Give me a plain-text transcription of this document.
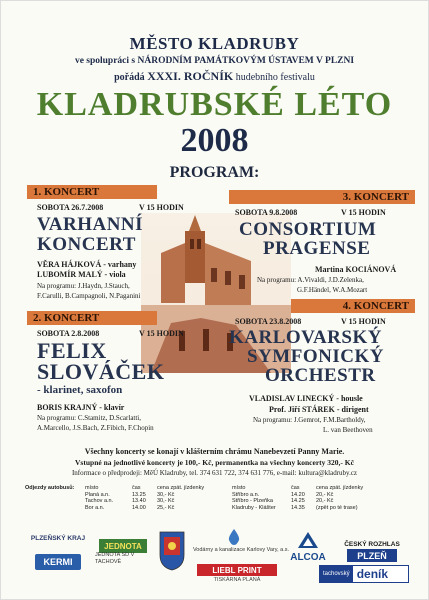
MĚSTO KLADRUBY
ve spolupráci s NÁRODNÍM PAMÁTKOVÝM ÚSTAVEM V PLZNI
pořádá XXXI. ROČNÍK hudebního festivalu
KLADRUBSKÉ LÉTO
2008
PROGRAM:
1. KONCERT
SOBOTA 26.7.2008	V 15 HODIN
VARHANNÍ
KONCERT
VĚRA HÁJKOVÁ - varhany
LUBOMÍR MALÝ - viola
Na programu: J.Haydn, J.Stauch,
F.Carulli, B.Campagnoli, N.Paganini
3. KONCERT
SOBOTA 9.8.2008	V 15 HODIN
CONSORTIUM
PRAGENSE
Martina KOCIÁNOVÁ
Na programu: A.Vivaldi, J.D.Zelenka,
G.F.Händel, W.A.Mozart
2. KONCERT
SOBOTA 2.8.2008	V 15 HODIN
FELIX
SLOVÁČEK
- klarinet, saxofon
BORIS KRAJNÝ - klavír
Na programu: C.Stamitz, D.Scarlatti,
A.Marcello, J.S.Bach, Z.Fibich, F.Chopin
4. KONCERT
SOBOTA 23.8.2008	V 15 HODIN
KARLOVARSKÝ
SYMFONICKÝ
ORCHESTR
VLADISLAV LINECKÝ - housle
Prof. Jiří STÁREK - dirigent
Na programu: J.Gemrot, F.M.Bartholdy,
L. van Beethoven
Všechny koncerty se konají v klášterním chrámu Nanebevzetí Panny Marie.
Vstupné na jednotlivé koncerty je 100,- Kč, permanentka na všechny koncerty 320,- Kč
Informace o předprodeji: MěÚ Kladruby, tel. 374 631 722, 374 631 776, e-mail: kultura@kladruby.cz
Odjezdy autobusů: místo	čas	cena zpát. jízdenky	místo	čas	cena zpát. jízdenky
Planá a.n.	13.25	30,- Kč	Stříbro a.n.	14.20	20,- Kč
Tachov a.n.	13.40	30,- Kč	Stříbro - Plzeňka	14.25	20,- Kč
Bor a.n.	14.00	25,- Kč	Kladruby - Klášter	14.35	(zpět po té trase)
PLZEŇSKÝ KRAJ
KERMI
JEDNOTA
JEDNOTA SD V TACHOVĚ
Vodárny a kanalizace Karlovy Vary, a.s.
LIEBL PRINT
TISKÁRNA PLANÁ
ALCOA
ČESKÝ ROZHLAS
PLZEŇ
tachovský deník
